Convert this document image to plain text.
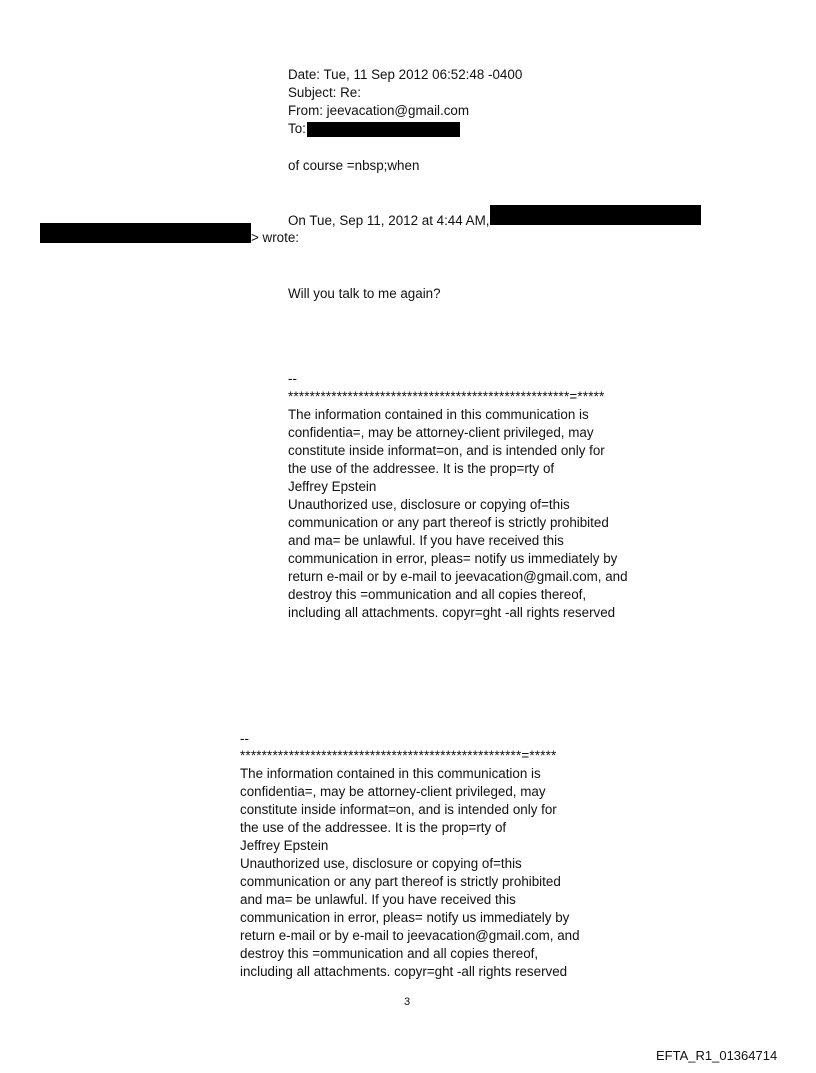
Date: Tue, 11 Sep 2012 06:52:48 -0400
Subject: Re:
From: jeevacation@gmail.com
To:
of course =nbsp;when
On Tue, Sep 11, 2012 at 4:44 AM,
> wrote:
Will you talk to me again?
--
****************************************************=*****
The information contained in this communication is
confidentia=, may be attorney-client privileged, may
constitute inside informat=on, and is intended only for
the use of the addressee. It is the prop=rty of
Jeffrey Epstein
Unauthorized use, disclosure or copying of=this
communication or any part thereof is strictly prohibited
and ma= be unlawful. If you have received this
communication in error, pleas= notify us immediately by
return e-mail or by e-mail to jeevacation@gmail.com, and
destroy this =ommunication and all copies thereof,
including all attachments. copyr=ght -all rights reserved
--
****************************************************=*****
The information contained in this communication is
confidentia=, may be attorney-client privileged, may
constitute inside informat=on, and is intended only for
the use of the addressee. It is the prop=rty of
Jeffrey Epstein
Unauthorized use, disclosure or copying of=this
communication or any part thereof is strictly prohibited
and ma= be unlawful. If you have received this
communication in error, pleas= notify us immediately by
return e-mail or by e-mail to jeevacation@gmail.com, and
destroy this =ommunication and all copies thereof,
including all attachments. copyr=ght -all rights reserved
3
EFTA_R1_01364714
